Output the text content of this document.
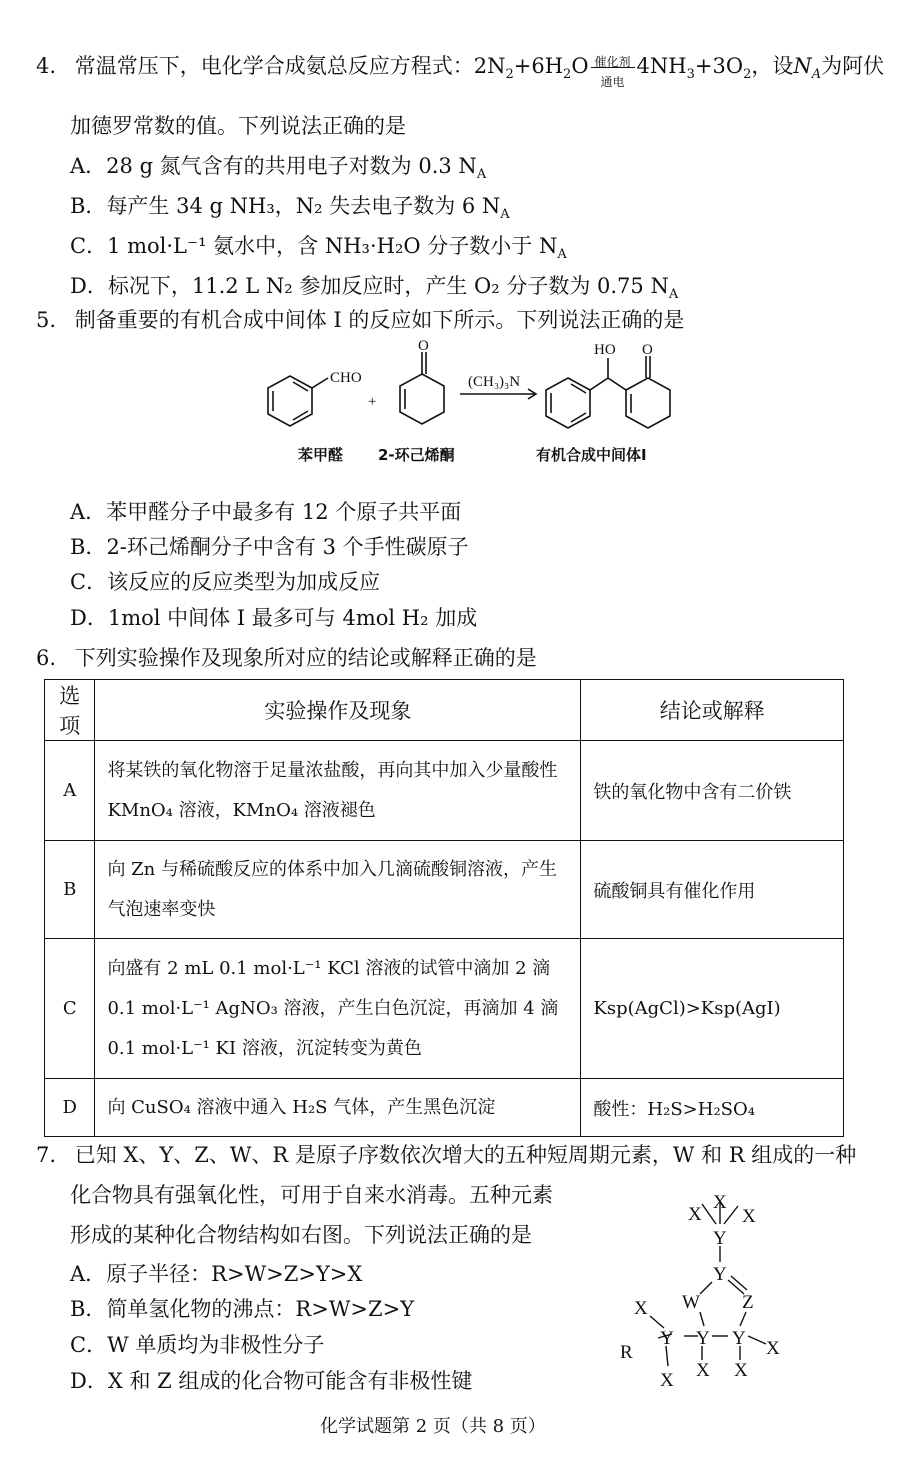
4. 常温常压下，电化学合成氨总反应方程式：$2N_2+6H_2O$ 催化剂
通电
$4NH_3+3O_2$，设$N_A$为阿伏
加德罗常数的值。下列说法正确的是
A．28 g 氮气含有的共用电子对数为 0.3 $N_A$
B．每产生 34 g NH₃，N₂ 失去电子数为 6 $N_A$
C．1 mol·L⁻¹ 氨水中，含 NH₃·H₂O 分子数小于 $N_A$
D．标况下，11.2 L N₂ 参加反应时，产生 O₂ 分子数为 0.75 $N_A$
5. 制备重要的有机合成中间体 I 的反应如下所示。下列说法正确的是
CHO
+
O
(CH₃)₃N
HO O
苯甲醛 2-环己烯酮	有机合成中间体I
A．苯甲醛分子中最多有 12 个原子共平面
B．2-环己烯酮分子中含有 3 个手性碳原子
C．该反应的反应类型为加成反应
D．1mol 中间体 I 最多可与 4mol H₂ 加成
6. 下列实验操作及现象所对应的结论或解释正确的是
选项	实验操作及现象	结论或解释
A	将某铁的氧化物溶于足量浓盐酸，再向其中加入少量酸性 KMnO₄ 溶液，KMnO₄ 溶液褪色	铁的氧化物中含有二价铁
B	向 Zn 与稀硫酸反应的体系中加入几滴硫酸铜溶液，产生气泡速率变快	硫酸铜具有催化作用
C	向盛有 2 mL 0.1 mol·L⁻¹ KCl 溶液的试管中滴加 2 滴 0.1 mol·L⁻¹ AgNO₃ 溶液，产生白色沉淀，再滴加 4 滴 0.1 mol·L⁻¹ KI 溶液，沉淀转变为黄色	Ksp(AgCl)>Ksp(AgI)
D	向 CuSO₄ 溶液中通入 H₂S 气体，产生黑色沉淀	酸性：H₂S>H₂SO₄
7. 已知 X、Y、Z、W、R 是原子序数依次增大的五种短周期元素，W 和 R 组成的一种
化合物具有强氧化性，可用于自来水消毒。五种元素
形成的某种化合物结构如右图。下列说法正确的是
A．原子半径：R>W>Z>Y>X
B．简单氢化物的沸点：R>W>Z>Y
C．W 单质均为非极性分子
D．X 和 Z 组成的化合物可能含有非极性键
X
X
X
Y
Y
W Z
X
R
Y Y Y X
X X X
化学试题第 2 页（共 8 页）
